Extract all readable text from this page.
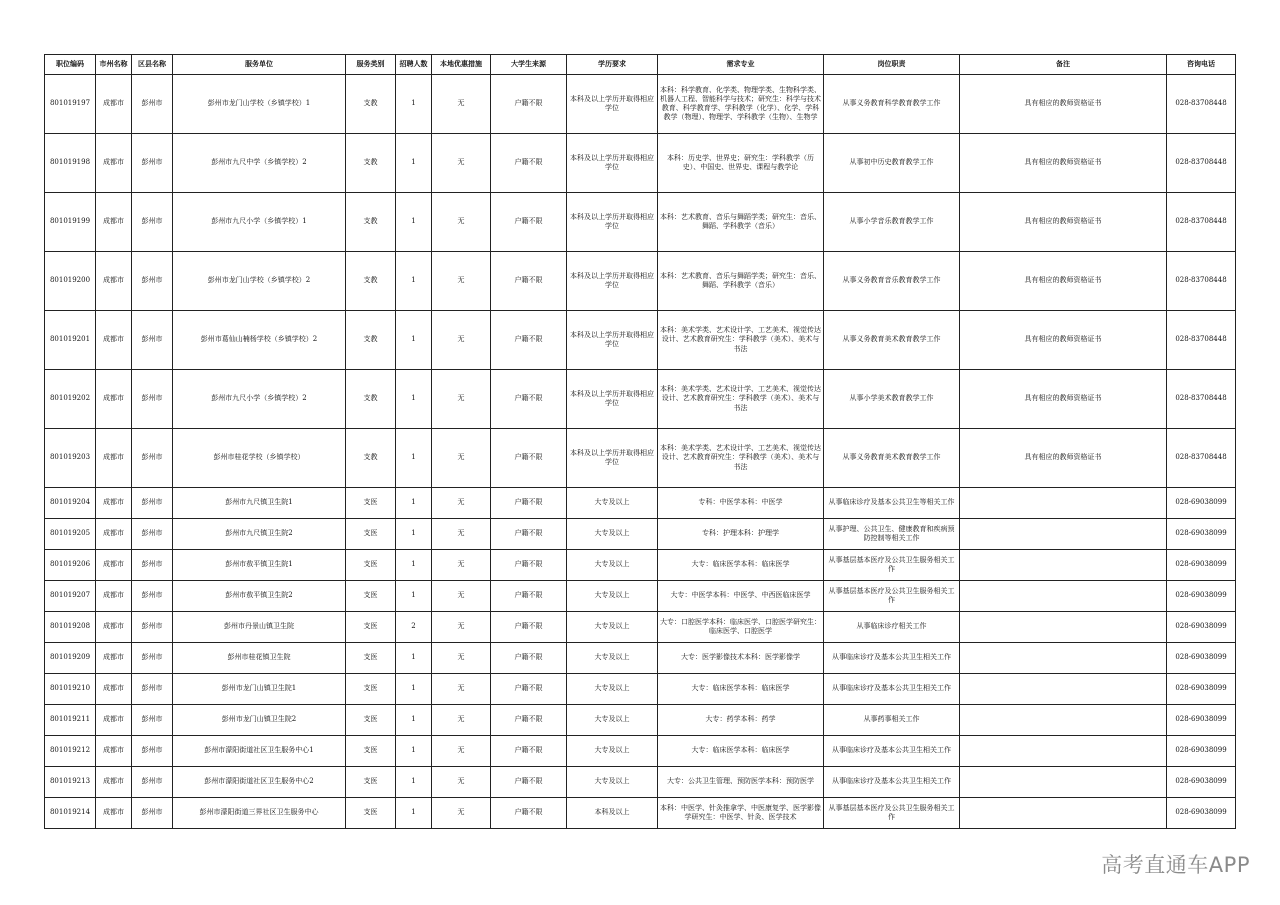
职位编码	市州名称	区县名称	服务单位	服务类别	招聘人数	本地优惠措施	大学生来源	学历要求	需求专业	岗位职责	备注	咨询电话
801019197	成都市	彭州市	彭州市龙门山学校（乡镇学校）1	支教	1	无	户籍不限	本科及以上学历并取得相应学位	本科：科学教育、化学类、物理学类、生物科学类、机器人工程、智能科学与技术；研究生：科学与技术教育、科学教育学、学科教学（化学）、化学、学科教学（物理）、物理学、学科教学（生物）、生物学	从事义务教育科学教育教学工作	具有相应的教师资格证书	028-83708448
801019198	成都市	彭州市	彭州市九尺中学（乡镇学校）2	支教	1	无	户籍不限	本科及以上学历并取得相应学位	本科：历史学、世界史；研究生：学科教学（历史）、中国史、世界史、课程与教学论	从事初中历史教育教学工作	具有相应的教师资格证书	028-83708448
801019199	成都市	彭州市	彭州市九尺小学（乡镇学校）1	支教	1	无	户籍不限	本科及以上学历并取得相应学位	本科：艺术教育、音乐与舞蹈学类；研究生：音乐、舞蹈、学科教学（音乐）	从事小学音乐教育教学工作	具有相应的教师资格证书	028-83708448
801019200	成都市	彭州市	彭州市龙门山学校（乡镇学校）2	支教	1	无	户籍不限	本科及以上学历并取得相应学位	本科：艺术教育、音乐与舞蹈学类；研究生：音乐、舞蹈、学科教学（音乐）	从事义务教育音乐教育教学工作	具有相应的教师资格证书	028-83708448
801019201	成都市	彭州市	彭州市葛仙山楠杨学校（乡镇学校）2	支教	1	无	户籍不限	本科及以上学历并取得相应学位	本科：美术学类、艺术设计学、工艺美术、视觉传达设计、艺术教育研究生：学科教学（美术）、美术与书法	从事义务教育美术教育教学工作	具有相应的教师资格证书	028-83708448
801019202	成都市	彭州市	彭州市九尺小学（乡镇学校）2	支教	1	无	户籍不限	本科及以上学历并取得相应学位	本科：美术学类、艺术设计学、工艺美术、视觉传达设计、艺术教育研究生：学科教学（美术）、美术与书法	从事小学美术教育教学工作	具有相应的教师资格证书	028-83708448
801019203	成都市	彭州市	彭州市桂花学校（乡镇学校）	支教	1	无	户籍不限	本科及以上学历并取得相应学位	本科：美术学类、艺术设计学、工艺美术、视觉传达设计、艺术教育研究生：学科教学（美术）、美术与书法	从事义务教育美术教育教学工作	具有相应的教师资格证书	028-83708448
801019204	成都市	彭州市	彭州市九尺镇卫生院1	支医	1	无	户籍不限	大专及以上	专科：中医学本科：中医学	从事临床诊疗及基本公共卫生等相关工作		028-69038099
801019205	成都市	彭州市	彭州市九尺镇卫生院2	支医	1	无	户籍不限	大专及以上	专科：护理本科：护理学	从事护理、公共卫生、健康教育和疾病预防控制等相关工作		028-69038099
801019206	成都市	彭州市	彭州市敖平镇卫生院1	支医	1	无	户籍不限	大专及以上	大专：临床医学本科：临床医学	从事基层基本医疗及公共卫生服务相关工作		028-69038099
801019207	成都市	彭州市	彭州市敖平镇卫生院2	支医	1	无	户籍不限	大专及以上	大专：中医学本科：中医学、中西医临床医学	从事基层基本医疗及公共卫生服务相关工作		028-69038099
801019208	成都市	彭州市	彭州市丹景山镇卫生院	支医	2	无	户籍不限	大专及以上	大专：口腔医学本科：临床医学、口腔医学研究生：临床医学、口腔医学	从事临床诊疗相关工作		028-69038099
801019209	成都市	彭州市	彭州市桂花镇卫生院	支医	1	无	户籍不限	大专及以上	大专：医学影像技术本科：医学影像学	从事临床诊疗及基本公共卫生相关工作		028-69038099
801019210	成都市	彭州市	彭州市龙门山镇卫生院1	支医	1	无	户籍不限	大专及以上	大专：临床医学本科：临床医学	从事临床诊疗及基本公共卫生相关工作		028-69038099
801019211	成都市	彭州市	彭州市龙门山镇卫生院2	支医	1	无	户籍不限	大专及以上	大专：药学本科：药学	从事药事相关工作		028-69038099
801019212	成都市	彭州市	彭州市濛阳街道社区卫生服务中心1	支医	1	无	户籍不限	大专及以上	大专：临床医学本科：临床医学	从事临床诊疗及基本公共卫生相关工作		028-69038099
801019213	成都市	彭州市	彭州市濛阳街道社区卫生服务中心2	支医	1	无	户籍不限	大专及以上	大专：公共卫生管理、预防医学本科：预防医学	从事临床诊疗及基本公共卫生相关工作		028-69038099
801019214	成都市	彭州市	彭州市濛阳街道三界社区卫生服务中心	支医	1	无	户籍不限	本科及以上	本科：中医学、针灸推拿学、中医康复学、医学影像学研究生：中医学、针灸、医学技术	从事基层基本医疗及公共卫生服务相关工作		028-69038099
高考直通车APP
